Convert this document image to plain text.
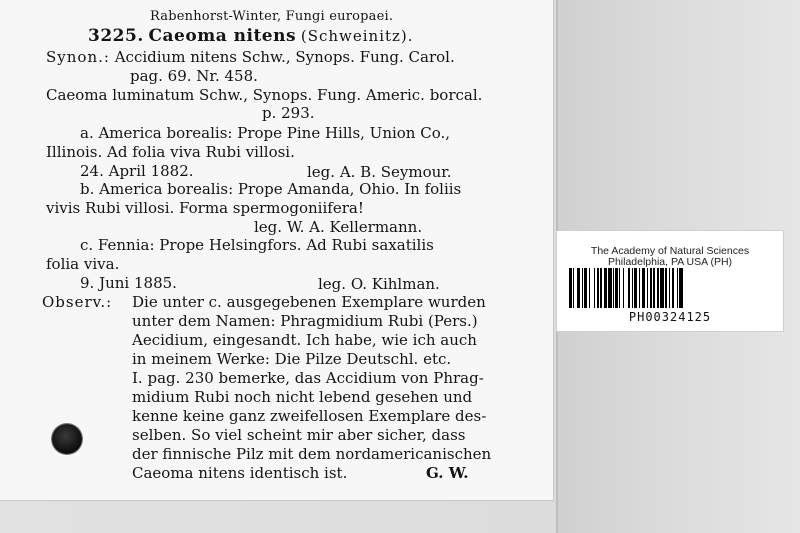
Rabenhorst-Winter, Fungi europaei.
3225. Caeoma nitens (Schweinitz).
Synon.: Accidium nitens Schw., Synops. Fung. Carol.
pag. 69. Nr. 458.
Caeoma luminatum Schw., Synops. Fung. Americ. borcal.
p. 293.
a. America borealis: Prope Pine Hills, Union Co.,
Illinois. Ad folia viva Rubi villosi.
24. April 1882.	leg. A. B. Seymour.
b. America borealis: Prope Amanda, Ohio. In foliis
vivis Rubi villosi. Forma spermogoniifera!
leg. W. A. Kellermann.
c. Fennia: Prope Helsingfors. Ad Rubi saxatilis
folia viva.
9. Juni 1885.	leg. O. Kihlman.
Observ.: Die unter c. ausgegebenen Exemplare wurden
unter dem Namen: Phragmidium Rubi (Pers.)
Aecidium, eingesandt. Ich habe, wie ich auch
in meinem Werke: Die Pilze Deutschl. etc.
I. pag. 230 bemerke, das Accidium von Phrag-
midium Rubi noch nicht lebend gesehen und
kenne keine ganz zweifellosen Exemplare des-
selben. So viel scheint mir aber sicher, dass
der finnische Pilz mit dem nordamericanischen
Caeoma nitens identisch ist.	G. W.
The Academy of Natural Sciences
Philadelphia, PA USA (PH)
PH00324125
